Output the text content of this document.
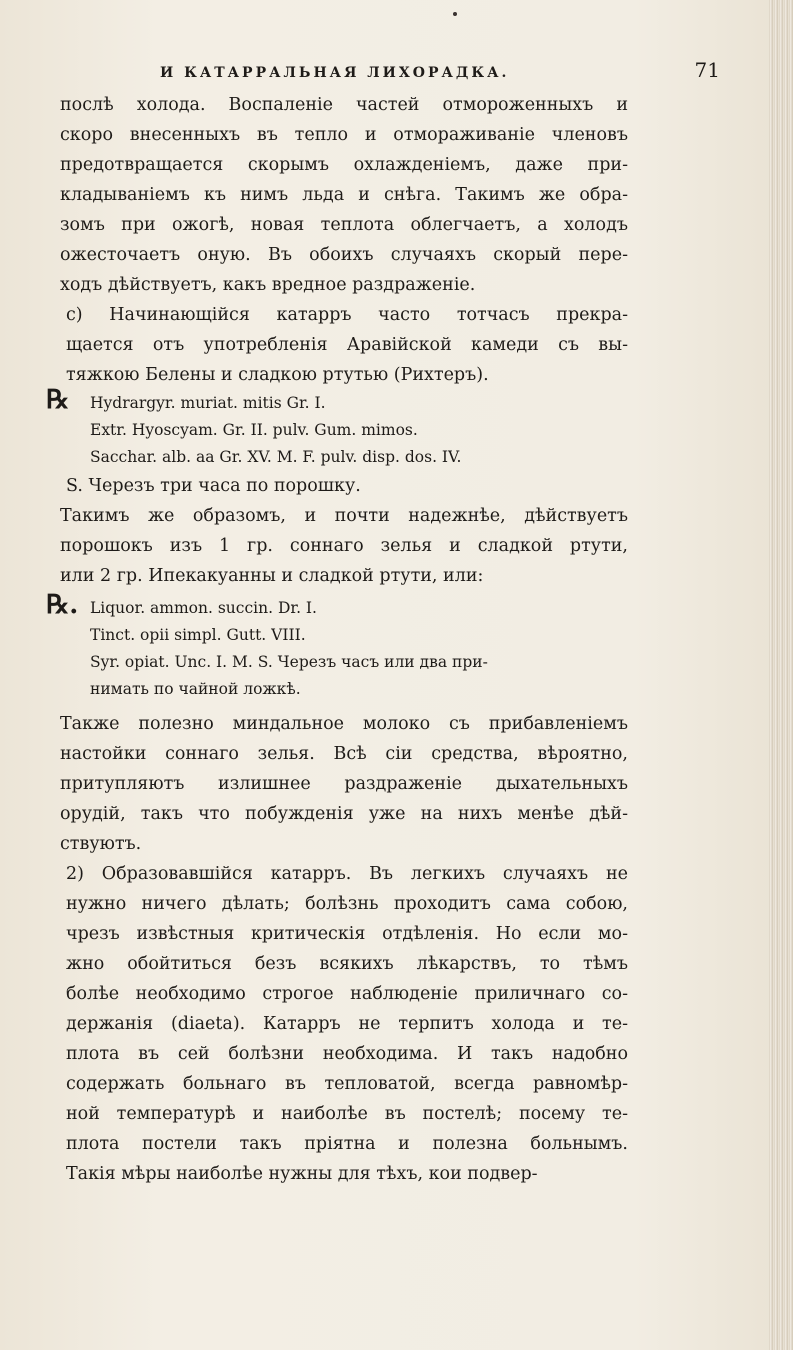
И КАТАРРАЛЬНАЯ ЛИХОРАДКА.	71
послѣ холода. Воспаленіе частей отмороженныхъ и
скоро внесенныхъ въ тепло и отмораживаніе членовъ
предотвращается скорымъ охлажденіемъ, даже при-
кладываніемъ къ нимъ льда и снѣга. Такимъ же обра-
зомъ при ожогѣ, новая теплота облегчаетъ, а холодъ
ожесточаетъ оную. Въ обоихъ случаяхъ скорый пере-
ходъ дѣйствуетъ, какъ вредное раздраженіе.
c) Начинающійся катарръ часто тотчасъ прекра-
щается отъ употребленія Аравійской камеди съ вы-
тяжкою Белены и сладкою ртутью (Рихтеръ).
℞ Hydrargyr. muriat. mitis Gr. I.
Extr. Hyoscyam. Gr. II. pulv. Gum. mimos.
Sacchar. alb. aa Gr. XV. M. F. pulv. disp. dos. IV.
S. Черезъ три часа по порошку.
Такимъ же образомъ, и почти надежнѣе, дѣйствуетъ
порошокъ изъ 1 гр. соннаго зелья и сладкой ртути,
или 2 гр. Ипекакуанны и сладкой ртути, или:
℞. Liquor. ammon. succin. Dr. I.
Tinct. opii simpl. Gutt. VIII.
Syr. opiat. Unc. I. M. S. Черезъ часъ или два при-
нимать по чайной ложкѣ.
Также полезно миндальное молоко съ прибавленіемъ
настойки соннаго зелья. Всѣ сіи средства, вѣроятно,
притупляютъ излишнее раздраженіе дыхательныхъ
орудій, такъ что побужденія уже на нихъ менѣе дѣй-
ствуютъ.
2) Образовавшійся катарръ. Въ легкихъ случаяхъ не
нужно ничего дѣлать; болѣзнь проходитъ сама собою,
чрезъ извѣстныя критическія отдѣленія. Но если мо-
жно обойтиться безъ всякихъ лѣкарствъ, то тѣмъ
болѣе необходимо строгое наблюденіе приличнаго со-
держанія (diaeta). Катарръ не терпитъ холода и те-
плота въ сей болѣзни необходима. И такъ надобно
содержать больнаго въ тепловатой, всегда равномѣр-
ной температурѣ и наиболѣе въ постелѣ; посему те-
плота постели такъ пріятна и полезна больнымъ.
Такія мѣры наиболѣе нужны для тѣхъ, кои подвер-
